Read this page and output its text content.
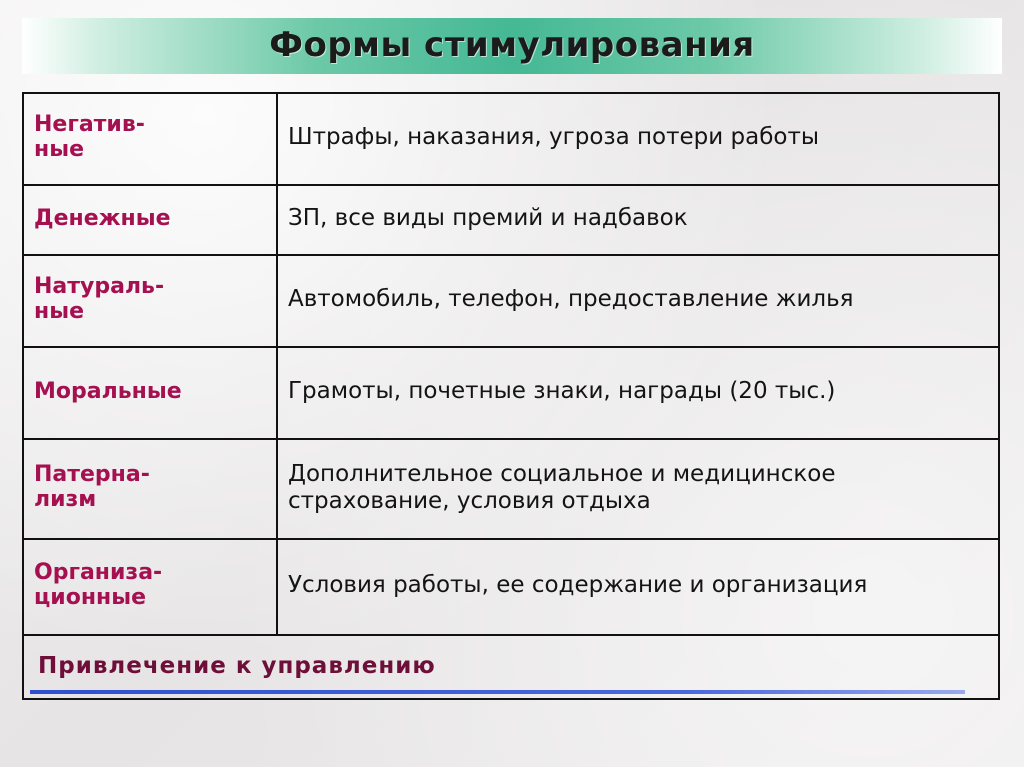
Формы стимулирования
Негатив-
ные	Штрафы, наказания, угроза потери работы
Денежные	ЗП, все виды премий и надбавок
Натураль-
ные	Автомобиль, телефон, предоставление жилья
Моральные	Грамоты, почетные знаки, награды (20 тыс.)
Патерна-
лизм	Дополнительное социальное и медицинское страхование, условия отдыха
Организа-
ционные	Условия работы, ее содержание и организация
Привлечение к управлению	
